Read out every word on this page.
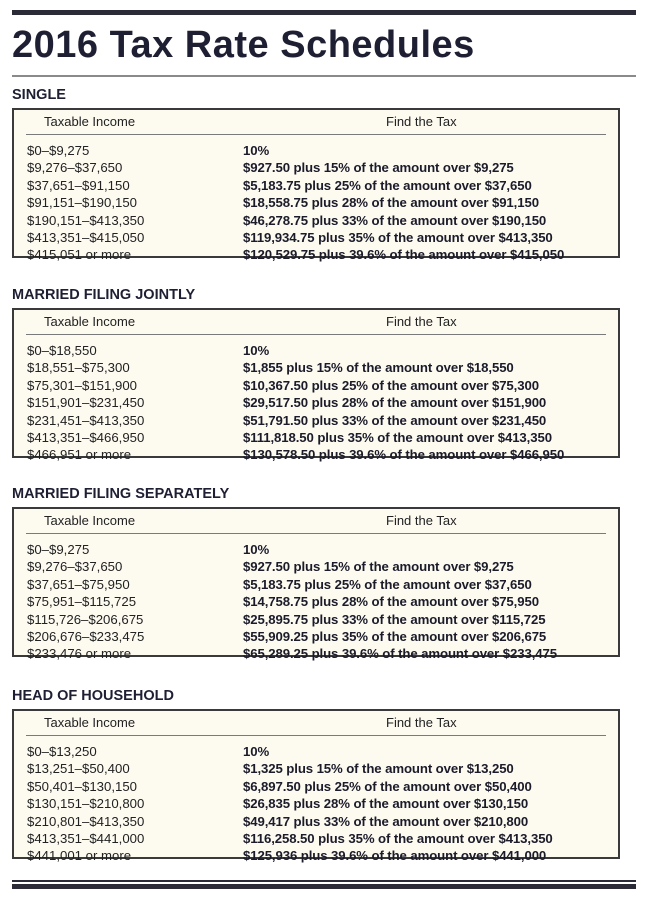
2016 Tax Rate Schedules
SINGLE
Taxable Income	Find the Tax
$0–$9,275	10%
$9,276–$37,650	$927.50 plus 15% of the amount over $9,275
$37,651–$91,150	$5,183.75 plus 25% of the amount over $37,650
$91,151–$190,150	$18,558.75 plus 28% of the amount over $91,150
$190,151–$413,350	$46,278.75 plus 33% of the amount over $190,150
$413,351–$415,050	$119,934.75 plus 35% of the amount over $413,350
$415,051 or more	$120,529.75 plus 39.6% of the amount over $415,050
MARRIED FILING JOINTLY
Taxable Income	Find the Tax
$0–$18,550	10%
$18,551–$75,300	$1,855 plus 15% of the amount over $18,550
$75,301–$151,900	$10,367.50 plus 25% of the amount over $75,300
$151,901–$231,450	$29,517.50 plus 28% of the amount over $151,900
$231,451–$413,350	$51,791.50 plus 33% of the amount over $231,450
$413,351–$466,950	$111,818.50 plus 35% of the amount over $413,350
$466,951 or more	$130,578.50 plus 39.6% of the amount over $466,950
MARRIED FILING SEPARATELY
Taxable Income	Find the Tax
$0–$9,275	10%
$9,276–$37,650	$927.50 plus 15% of the amount over $9,275
$37,651–$75,950	$5,183.75 plus 25% of the amount over $37,650
$75,951–$115,725	$14,758.75 plus 28% of the amount over $75,950
$115,726–$206,675	$25,895.75 plus 33% of the amount over $115,725
$206,676–$233,475	$55,909.25 plus 35% of the amount over $206,675
$233,476 or more	$65,289.25 plus 39.6% of the amount over $233,475
HEAD OF HOUSEHOLD
Taxable Income	Find the Tax
$0–$13,250	10%
$13,251–$50,400	$1,325 plus 15% of the amount over $13,250
$50,401–$130,150	$6,897.50 plus 25% of the amount over $50,400
$130,151–$210,800	$26,835 plus 28% of the amount over $130,150
$210,801–$413,350	$49,417 plus 33% of the amount over $210,800
$413,351–$441,000	$116,258.50 plus 35% of the amount over $413,350
$441,001 or more	$125,936 plus 39.6% of the amount over $441,000
